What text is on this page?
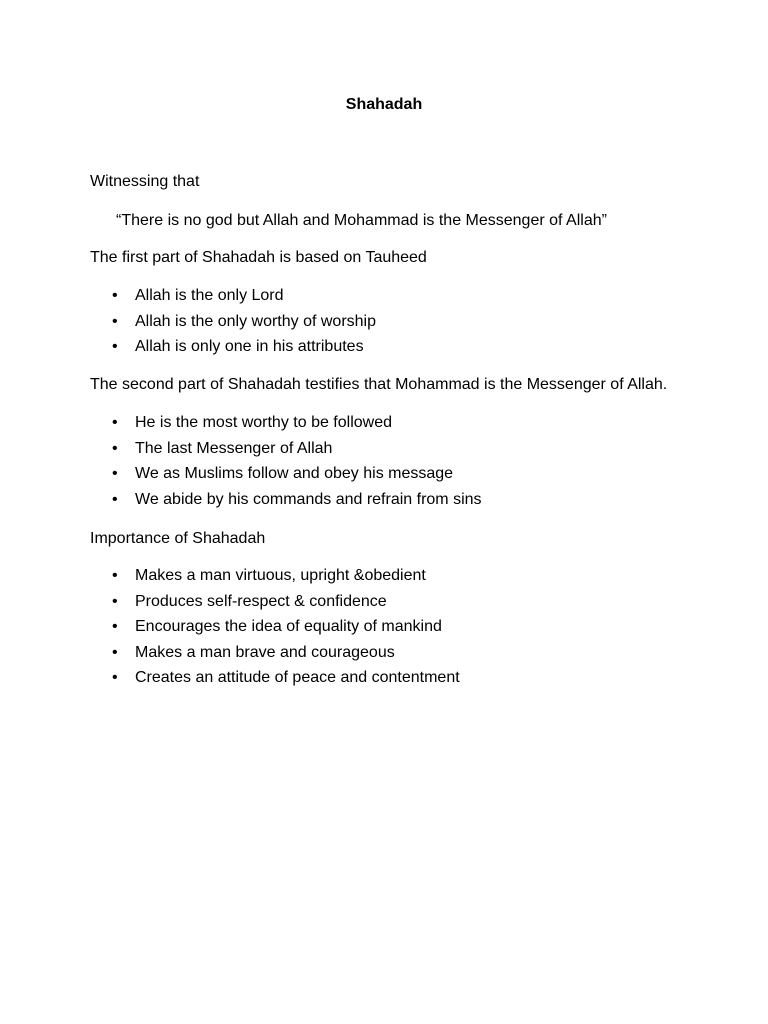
Shahadah
Witnessing that
“There is no god but Allah and Mohammad is the Messenger of Allah”
The first part of Shahadah is based on Tauheed
• Allah is the only Lord
• Allah is the only worthy of worship
• Allah is only one in his attributes
The second part of Shahadah testifies that Mohammad is the Messenger of Allah.
• He is the most worthy to be followed
• The last Messenger of Allah
• We as Muslims follow and obey his message
• We abide by his commands and refrain from sins
Importance of Shahadah
• Makes a man virtuous, upright &obedient
• Produces self-respect & confidence
• Encourages the idea of equality of mankind
• Makes a man brave and courageous
• Creates an attitude of peace and contentment
